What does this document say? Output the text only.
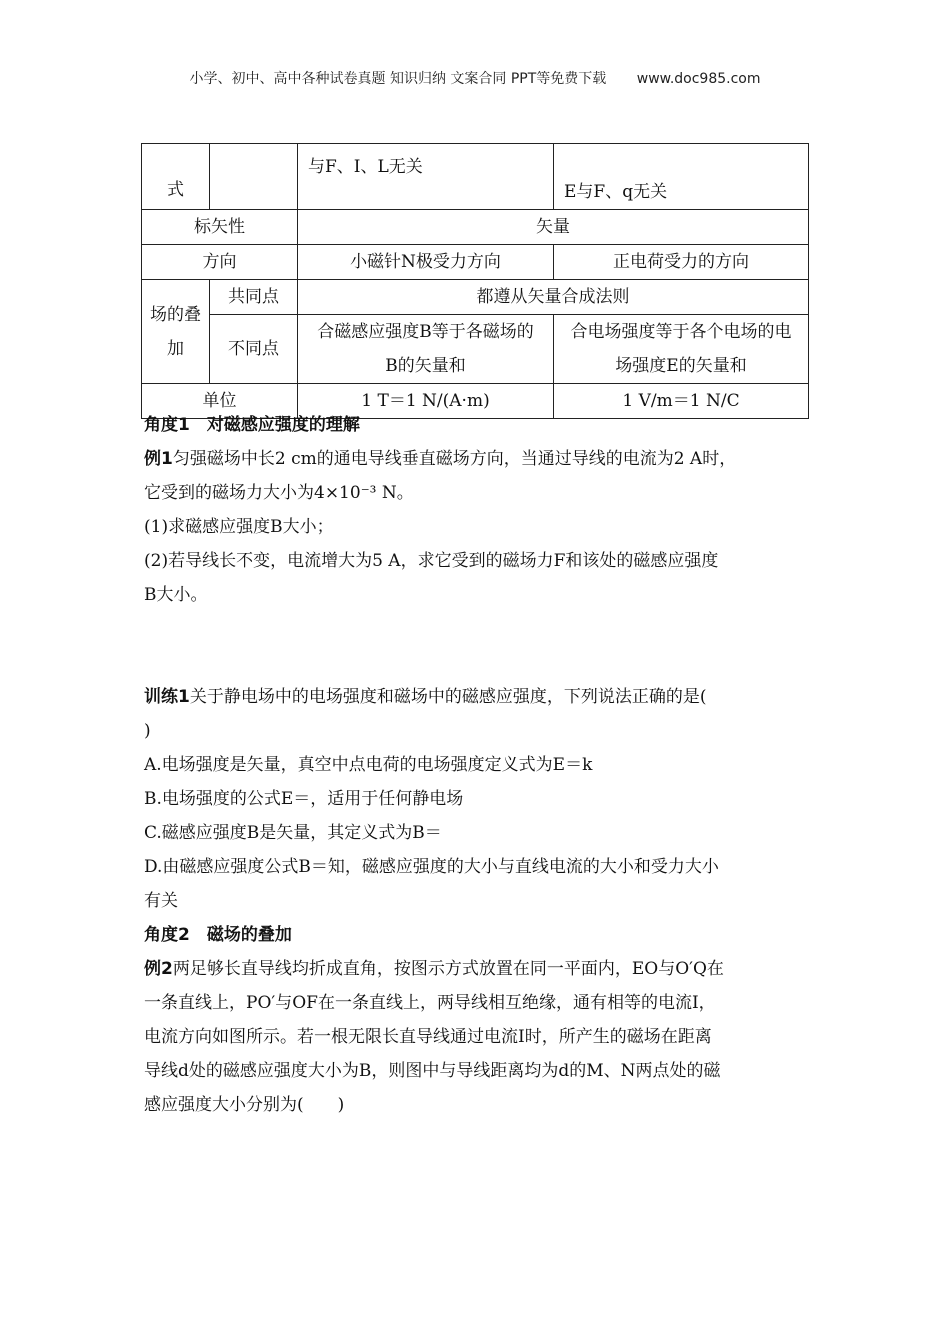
小学、初中、高中各种试卷真题 知识归纳 文案合同 PPT等免费下载 www.doc985.com
式		与F、I、L无关	E与F、q无关
标矢性		矢量	
方向		小磁针N极受力方向	正电荷受力的方向
场的叠加	共同点	都遵从矢量合成法则	
	不同点	合磁感应强度B等于各磁场的B的矢量和	合电场强度等于各个电场的电场强度E的矢量和
单位		1 T＝1 N/(A·m)	1 V/m＝1 N/C
角度1　对磁感应强度的理解
例1匀强磁场中长2 cm的通电导线垂直磁场方向，当通过导线的电流为2 A时，
它受到的磁场力大小为4×10⁻³ N。
(1)求磁感应强度B大小；
(2)若导线长不变，电流增大为5 A，求它受到的磁场力F和该处的磁感应强度
B大小。
训练1关于静电场中的电场强度和磁场中的磁感应强度，下列说法正确的是(
)
A.电场强度是矢量，真空中点电荷的电场强度定义式为E＝k
B.电场强度的公式E＝，适用于任何静电场
C.磁感应强度B是矢量，其定义式为B＝
D.由磁感应强度公式B＝知，磁感应强度的大小与直线电流的大小和受力大小
有关
角度2　磁场的叠加
例2两足够长直导线均折成直角，按图示方式放置在同一平面内，EO与O′Q在
一条直线上，PO′与OF在一条直线上，两导线相互绝缘，通有相等的电流I，
电流方向如图所示。若一根无限长直导线通过电流I时，所产生的磁场在距离
导线d处的磁感应强度大小为B，则图中与导线距离均为d的M、N两点处的磁
感应强度大小分别为(　　)
